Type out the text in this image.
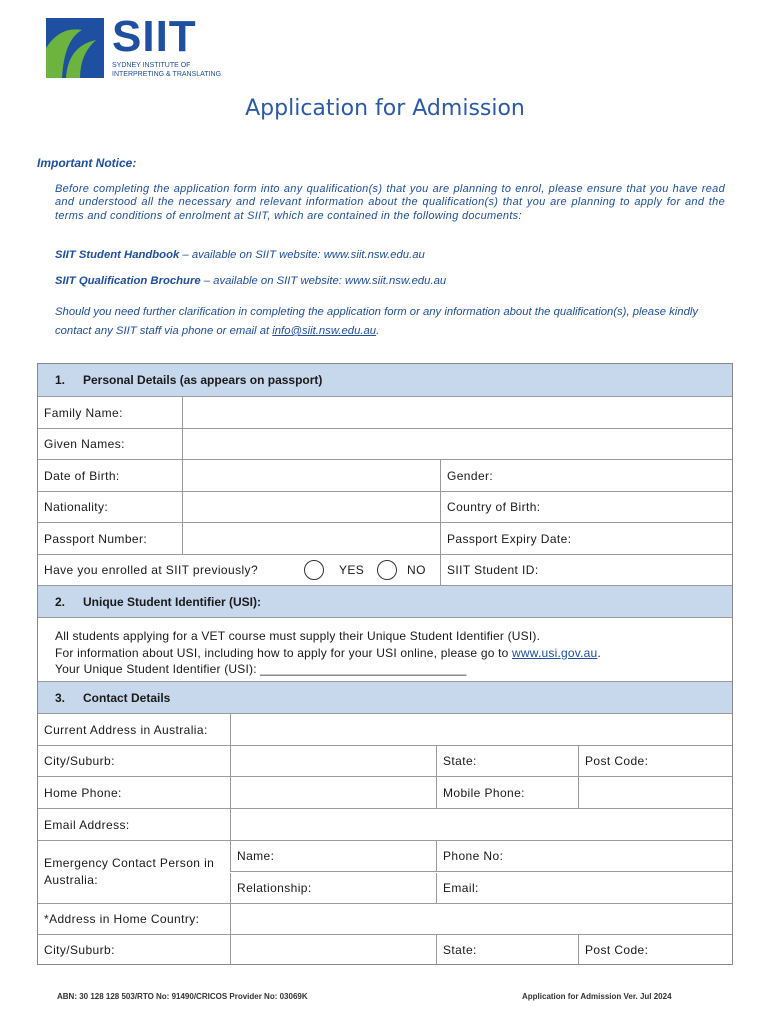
SIIT
SYDNEY INSTITUTE OF
INTERPRETING & TRANSLATING
Application for Admission
Important Notice:
Before completing the application form into any qualification(s) that you are planning to enrol, please ensure that you have read and understood all the necessary and relevant information about the qualification(s) that you are planning to apply for and the terms and conditions of enrolment at SIIT, which are contained in the following documents:
SIIT Student Handbook – available on SIIT website: www.siit.nsw.edu.au
SIIT Qualification Brochure – available on SIIT website: www.siit.nsw.edu.au
Should you need further clarification in completing the application form or any information about the qualification(s), please kindly contact any SIIT staff via phone or email at info@siit.nsw.edu.au.
1. Personal Details (as appears on passport)
Family Name:
Given Names:
Date of Birth:	Gender:
Nationality:	Country of Birth:
Passport Number:	Passport Expiry Date:
Have you enrolled at SIIT previously?	YES	NO	SIIT Student ID:
2. Unique Student Identifier (USI):
All students applying for a VET course must supply their Unique Student Identifier (USI).
For information about USI, including how to apply for your USI online, please go to www.usi.gov.au.
Your Unique Student Identifier (USI): ______________________________
3. Contact Details
Current Address in Australia:
City/Suburb:	State:	Post Code:
Home Phone:	Mobile Phone:
Email Address:
Emergency Contact Person in Australia:
Name:	Phone No:
Relationship:	Email:
*Address in Home Country:
City/Suburb:	State:	Post Code:
ABN: 30 128 128 503/RTO No: 91490/CRICOS Provider No: 03069K	Application for Admission Ver. Jul 2024
